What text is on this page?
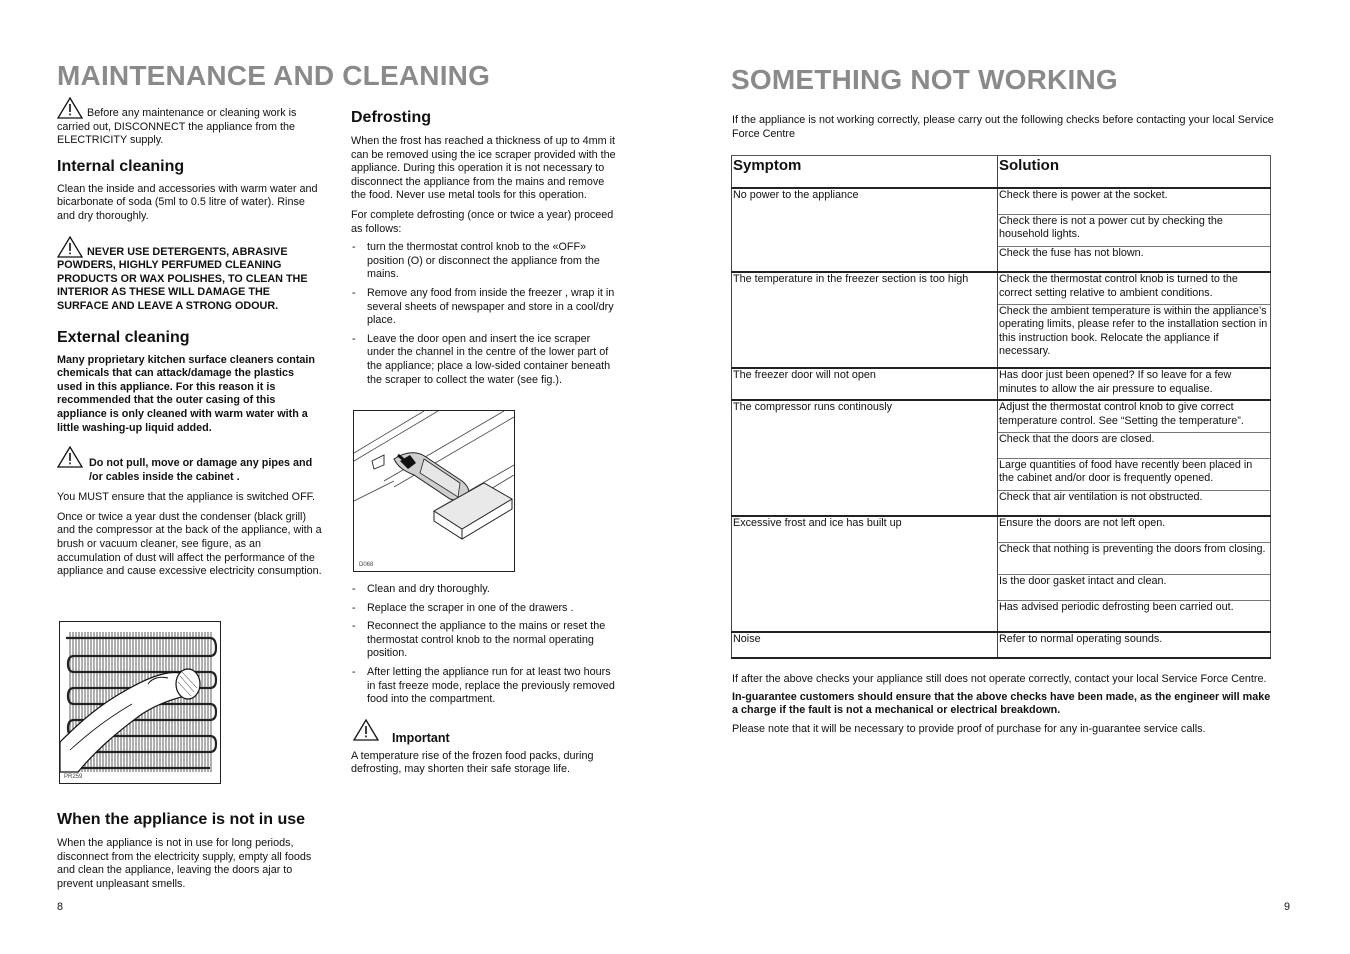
MAINTENANCE AND CLEANING

Before any maintenance or cleaning work is carried out, DISCONNECT the appliance from the ELECTRICITY supply.

Internal cleaning

Clean the inside and accessories with warm water and bicarbonate of soda (5ml to 0.5 litre of water). Rinse and dry thoroughly.

NEVER USE DETERGENTS, ABRASIVE POWDERS, HIGHLY PERFUMED CLEANING PRODUCTS OR WAX POLISHES, TO CLEAN THE INTERIOR AS THESE WILL DAMAGE THE SURFACE AND LEAVE A STRONG ODOUR.

External cleaning

Many proprietary kitchen surface cleaners contain chemicals that can attack/damage the plastics used in this appliance. For this reason it is recommended that the outer casing of this appliance is only cleaned with warm water with a little washing-up liquid added.

Do not pull, move or damage any pipes and /or cables inside the cabinet .

You MUST ensure that the appliance is switched OFF.

Once or twice a year dust the condenser (black grill) and the compressor at the back of the appliance, with a brush or vacuum cleaner, see figure, as an accumulation of dust will affect the performance of the appliance and cause excessive electricity consumption.

PR259
When the appliance is not in use

When the appliance is not in use for long periods, disconnect from the electricity supply, empty all foods and clean the appliance, leaving the doors ajar to prevent unpleasant smells.

Defrosting

When the frost has reached a thickness of up to 4mm it can be removed using the ice scraper provided with the appliance. During this operation it is not necessary to disconnect the appliance from the mains and remove the food. Never use metal tools for this operation.

For complete defrosting (once or twice a year) proceed as follows:

- turn the thermostat control knob to the «OFF» position (O) or disconnect the appliance from the mains.
- Remove any food from inside the freezer , wrap it in several sheets of newspaper and store in a cool/dry place.
- Leave the door open and insert the ice scraper under the channel in the centre of the lower part of the appliance; place a low-sided container beneath the scraper to collect the water (see fig.).
D068
- Clean and dry thoroughly.
- Replace the scraper in one of the drawers .
- Reconnect the appliance to the mains or reset the thermostat control knob to the normal operating position.
- After letting the appliance run for at least two hours in fast freeze mode, replace the previously removed food into the compartment.
Important

A temperature rise of the frozen food packs, during defrosting, may shorten their safe storage life.

8
SOMETHING NOT WORKING

If the appliance is not working correctly, please carry out the following checks before contacting your local Service Force Centre

Symptom	Solution
No power to the appliance	Check there is power at the socket.
	Check there is not a power cut by checking the household lights.
	Check the fuse has not blown.
The temperature in the freezer section is too high	Check the thermostat control knob is turned to the correct setting relative to ambient conditions.
	Check the ambient temperature is within the appliance’s operating limits, please refer to the installation section in this instruction book. Relocate the appliance if necessary.
The freezer door will not open	Has door just been opened? If so leave for a few minutes to allow the air pressure to equalise.
The compressor runs continously	Adjust the thermostat control knob to give correct temperature control. See “Setting the temperature”.
	Check that the doors are closed.
	Large quantities of food have recently been placed in the cabinet and/or door is frequently opened.
	Check that air ventilation is not obstructed.
Excessive frost and ice has built up	Ensure the doors are not left open.
	Check that nothing is preventing the doors from closing.
	Is the door gasket intact and clean.
	Has advised periodic defrosting been carried out.
Noise	Refer to normal operating sounds.

If after the above checks your appliance still does not operate correctly, contact your local Service Force Centre.

In-guarantee customers should ensure that the above checks have been made, as the engineer will make a charge if the fault is not a mechanical or electrical breakdown.

Please note that it will be necessary to provide proof of purchase for any in-guarantee service calls.

9
